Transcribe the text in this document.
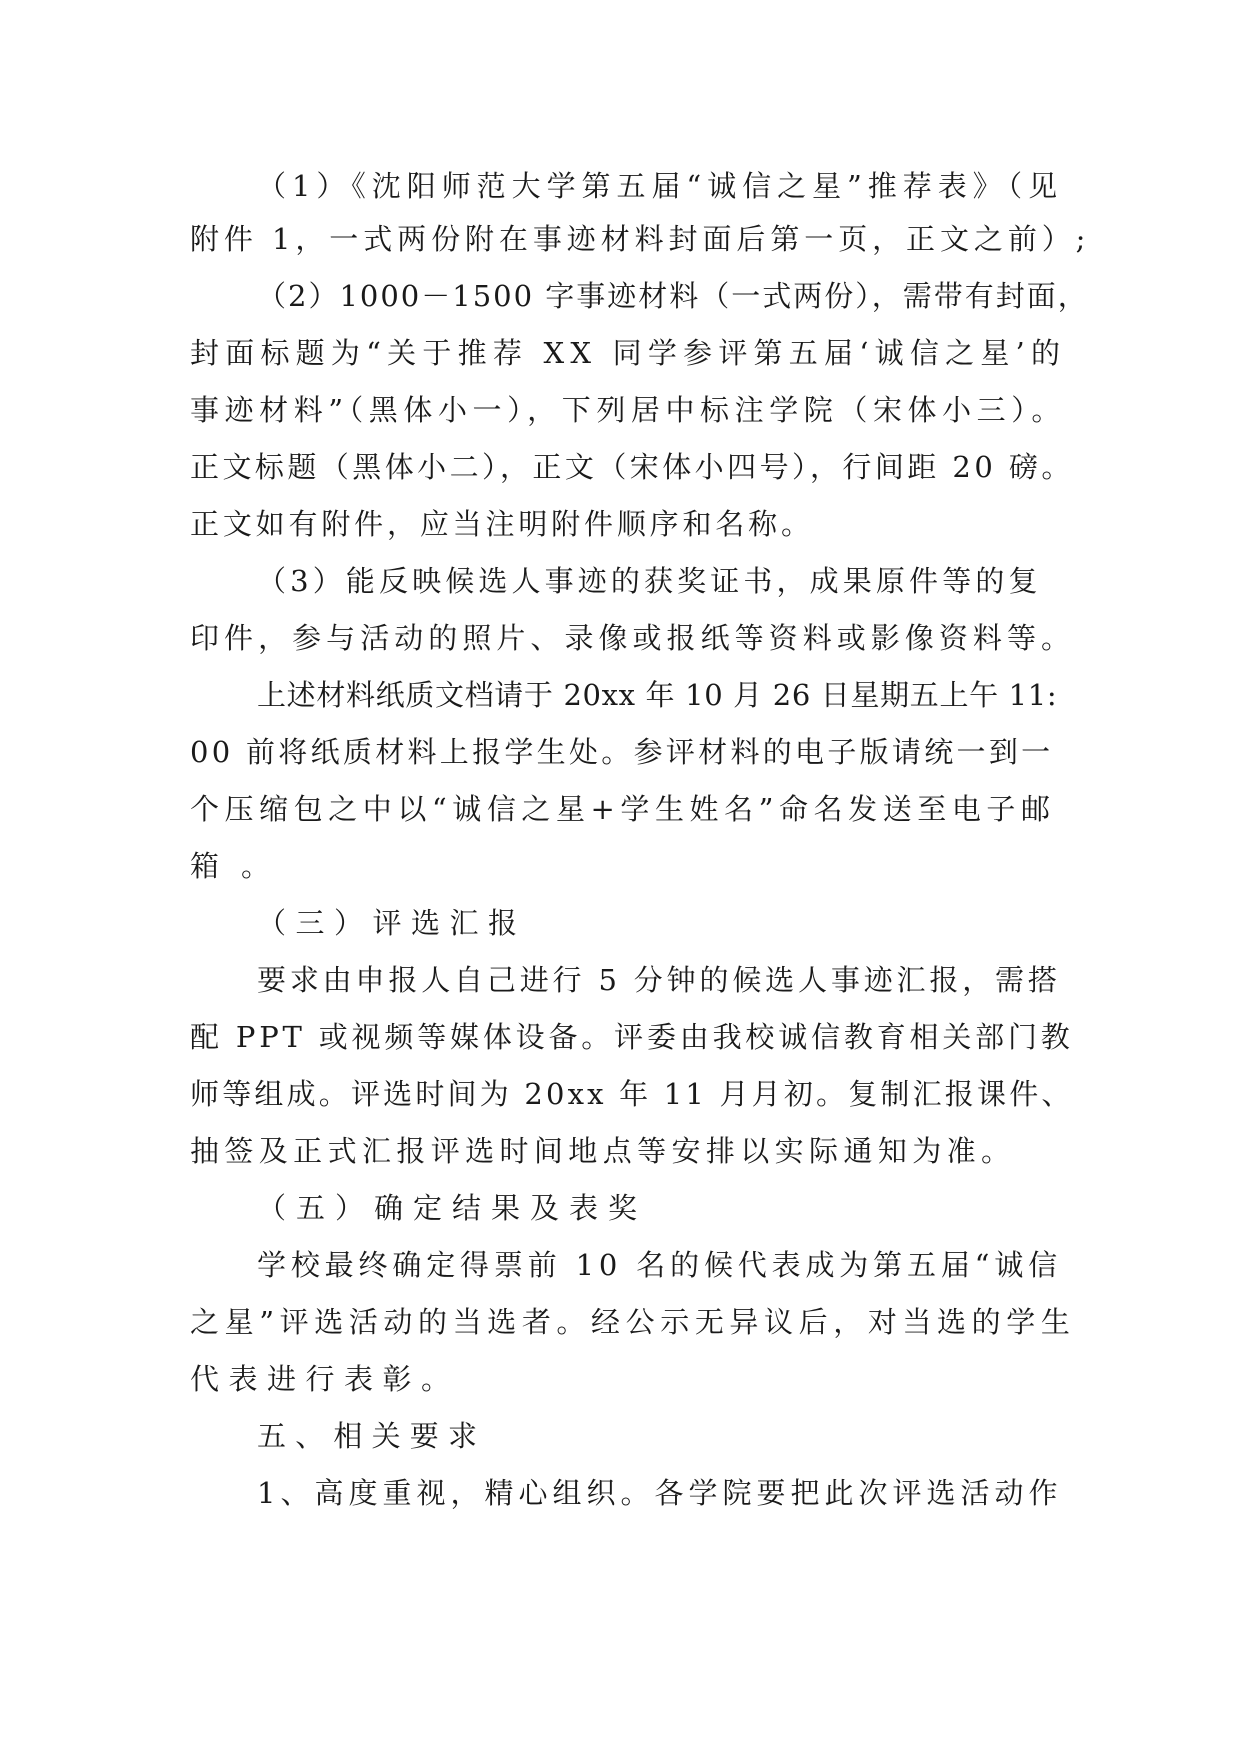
（1）《沈阳师范大学第五届“诚信之星”推荐表》（见
附件 1，一式两份附在事迹材料封面后第一页，正文之前）;
（2）1000－1500 字事迹材料（一式两份），需带有封面，
封面标题为“关于推荐 XX 同学参评第五届‘诚信之星’的
事迹材料”（黑体小一），下列居中标注学院（宋体小三）。
正文标题（黑体小二），正文（宋体小四号），行间距 20 磅。
正文如有附件，应当注明附件顺序和名称。
（3）能反映候选人事迹的获奖证书，成果原件等的复
印件，参与活动的照片、录像或报纸等资料或影像资料等。
上述材料纸质文档请于 20xx 年 10 月 26 日星期五上午 11:
00 前将纸质材料上报学生处。参评材料的电子版请统一到一
个压缩包之中以“诚信之星+学生姓名”命名发送至电子邮
箱。
（三）评选汇报
要求由申报人自己进行 5 分钟的候选人事迹汇报，需搭
配 PPT 或视频等媒体设备。评委由我校诚信教育相关部门教
师等组成。评选时间为 20xx 年 11 月月初。复制汇报课件、
抽签及正式汇报评选时间地点等安排以实际通知为准。
（五）确定结果及表奖
学校最终确定得票前 10 名的候代表成为第五届“诚信
之星”评选活动的当选者。经公示无异议后，对当选的学生
代表进行表彰。
五、相关要求
1、高度重视，精心组织。各学院要把此次评选活动作
